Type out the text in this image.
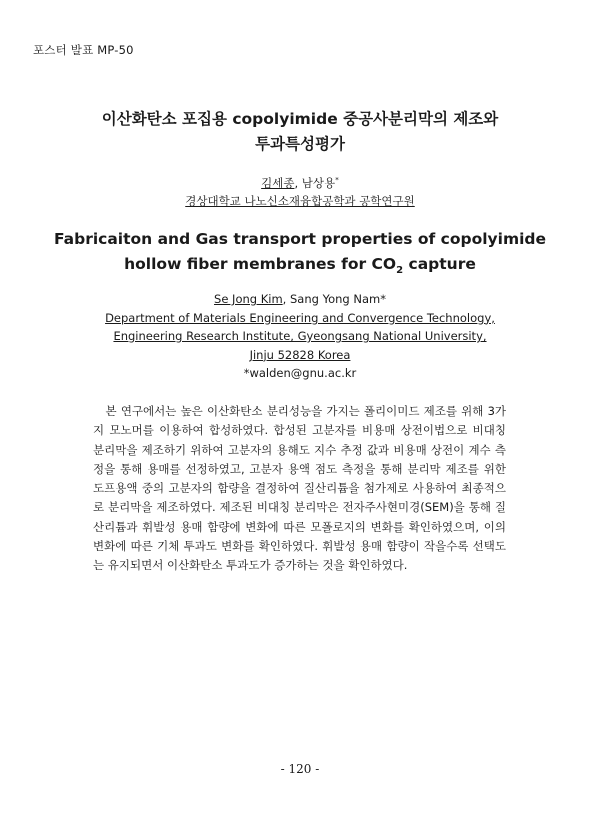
포스터 발표 MP-50
이산화탄소 포집용 copolyimide 중공사분리막의 제조와
투과특성평가
김세종, 남상용*
경상대학교 나노신소재융합공학과 공학연구원
Fabricaiton and Gas transport properties of copolyimide
hollow fiber membranes for $CO_2$ capture
Se Jong Kim, Sang Yong Nam*
Department of Materials Engineering and Convergence Technology,
Engineering Research Institute, Gyeongsang National University,
Jinju 52828 Korea
*walden@gnu.ac.kr

본 연구에서는 높은 이산화탄소 분리성능을 가지는 폴리이미드 제조를 위해 3가지 모노머를 이용하여 합성하였다. 합성된 고분자를 비용매 상전이법으로 비대칭 분리막을 제조하기 위하여 고분자의 용해도 지수 추정 값과 비용매 상전이 계수 측정을 통해 용매를 선정하였고, 고분자 용액 점도 측정을 통해 분리막 제조를 위한 도프용액 중의 고분자의 함량을 결정하여 질산리튬을 첨가제로 사용하여 최종적으로 분리막을 제조하였다. 제조된 비대칭 분리막은 전자주사현미경(SEM)을 통해 질산리튬과 휘발성 용매 함량에 변화에 따른 모폴로지의 변화를 확인하였으며, 이의 변화에 따른 기체 투과도 변화를 확인하였다. 휘발성 용매 함량이 작을수록 선택도는 유지되면서 이산화탄소 투과도가 증가하는 것을 확인하였다.

- 120 -
